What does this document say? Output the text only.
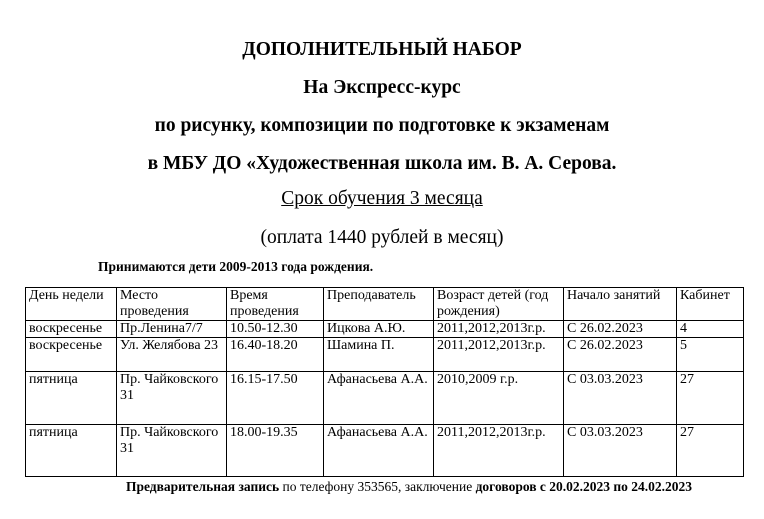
ДОПОЛНИТЕЛЬНЫЙ НАБОР
На Экспресс-курс
по рисунку, композиции по подготовке к экзаменам
в МБУ ДО «Художественная школа им. В. А. Серова.
Срок обучения 3 месяца
(оплата 1440 рублей в месяц)
Принимаются дети 2009-2013 года рождения.
День недели	Место проведения	Время проведения	Преподаватель	Возраст детей (год рождения)	Начало занятий	Кабинет
воскресенье	Пр.Ленина7/7	10.50-12.30	Ицкова А.Ю.	2011,2012,2013г.р.	С 26.02.2023	4
воскресенье	Ул. Желябова 23	16.40-18.20	Шамина П.	2011,2012,2013г.р.	С 26.02.2023	5
пятница	Пр. Чайковского 31	16.15-17.50	Афанасьева А.А.	2010,2009 г.р.	С 03.03.2023	27
пятница	Пр. Чайковского 31	18.00-19.35	Афанасьева А.А.	2011,2012,2013г.р.	С 03.03.2023	27
Предварительная запись по телефону 353565, заключение договоров с 20.02.2023 по 24.02.2023
